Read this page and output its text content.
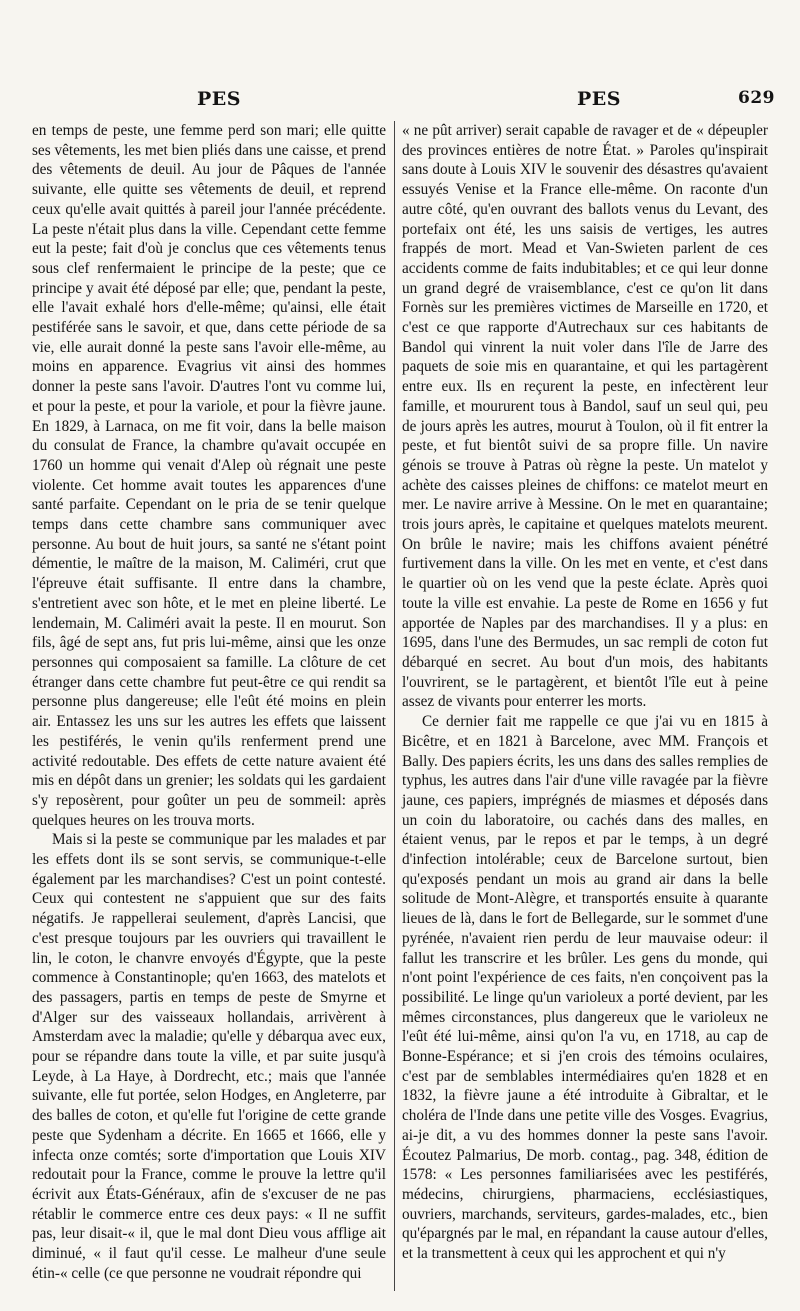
PES	PES	629

en temps de peste, une femme perd son mari; elle quitte ses vêtements, les met bien pliés dans une caisse, et prend des vêtements de deuil. Au jour de Pâques de l'année suivante, elle quitte ses vêtements de deuil, et reprend ceux qu'elle avait quittés à pareil jour l'année précédente. La peste n'était plus dans la ville. Cependant cette femme eut la peste; fait d'où je conclus que ces vêtements tenus sous clef renfermaient le principe de la peste; que ce principe y avait été déposé par elle; que, pendant la peste, elle l'avait exhalé hors d'elle-même; qu'ainsi, elle était pestiférée sans le savoir, et que, dans cette période de sa vie, elle aurait donné la peste sans l'avoir elle-même, au moins en apparence. Evagrius vit ainsi des hommes donner la peste sans l'avoir. D'autres l'ont vu comme lui, et pour la peste, et pour la variole, et pour la fièvre jaune. En 1829, à Larnaca, on me fit voir, dans la belle maison du consulat de France, la chambre qu'avait occupée en 1760 un homme qui venait d'Alep où régnait une peste violente. Cet homme avait toutes les apparences d'une santé parfaite. Cependant on le pria de se tenir quelque temps dans cette chambre sans communiquer avec personne. Au bout de huit jours, sa santé ne s'étant point démentie, le maître de la maison, M. Caliméri, crut que l'épreuve était suffisante. Il entre dans la chambre, s'entretient avec son hôte, et le met en pleine liberté. Le lendemain, M. Caliméri avait la peste. Il en mourut. Son fils, âgé de sept ans, fut pris lui-même, ainsi que les onze personnes qui composaient sa famille. La clôture de cet étranger dans cette chambre fut peut-être ce qui rendit sa personne plus dangereuse; elle l'eût été moins en plein air. Entassez les uns sur les autres les effets que laissent les pestiférés, le venin qu'ils renferment prend une activité redoutable. Des effets de cette nature avaient été mis en dépôt dans un grenier; les soldats qui les gardaient s'y reposèrent, pour goûter un peu de sommeil: après quelques heures on les trouva morts.

Mais si la peste se communique par les malades et par les effets dont ils se sont servis, se communique-t-elle également par les marchandises? C'est un point contesté. Ceux qui contestent ne s'appuient que sur des faits négatifs. Je rappellerai seulement, d'après Lancisi, que c'est presque toujours par les ouvriers qui travaillent le lin, le coton, le chanvre envoyés d'Égypte, que la peste commence à Constantinople; qu'en 1663, des matelots et des passagers, partis en temps de peste de Smyrne et d'Alger sur des vaisseaux hollandais, arrivèrent à Amsterdam avec la maladie; qu'elle y débarqua avec eux, pour se répandre dans toute la ville, et par suite jusqu'à Leyde, à La Haye, à Dordrecht, etc.; mais que l'année suivante, elle fut portée, selon Hodges, en Angleterre, par des balles de coton, et qu'elle fut l'origine de cette grande peste que Sydenham a décrite. En 1665 et 1666, elle y infecta onze comtés; sorte d'importation que Louis XIV redoutait pour la France, comme le prouve la lettre qu'il écrivit aux États-Généraux, afin de s'excuser de ne pas rétablir le commerce entre ces deux pays: « Il ne suffit pas, leur disait-« il, que le mal dont Dieu vous afflige ait diminué, « il faut qu'il cesse. Le malheur d'une seule étin-« celle (ce que personne ne voudrait répondre qui

« ne pût arriver) serait capable de ravager et de « dépeupler des provinces entières de notre État. » Paroles qu'inspirait sans doute à Louis XIV le souvenir des désastres qu'avaient essuyés Venise et la France elle-même. On raconte d'un autre côté, qu'en ouvrant des ballots venus du Levant, des portefaix ont été, les uns saisis de vertiges, les autres frappés de mort. Mead et Van-Swieten parlent de ces accidents comme de faits indubitables; et ce qui leur donne un grand degré de vraisemblance, c'est ce qu'on lit dans Fornès sur les premières victimes de Marseille en 1720, et c'est ce que rapporte d'Autrechaux sur ces habitants de Bandol qui vinrent la nuit voler dans l'île de Jarre des paquets de soie mis en quarantaine, et qui les partagèrent entre eux. Ils en reçurent la peste, en infectèrent leur famille, et moururent tous à Bandol, sauf un seul qui, peu de jours après les autres, mourut à Toulon, où il fit entrer la peste, et fut bientôt suivi de sa propre fille. Un navire génois se trouve à Patras où règne la peste. Un matelot y achète des caisses pleines de chiffons: ce matelot meurt en mer. Le navire arrive à Messine. On le met en quarantaine; trois jours après, le capitaine et quelques matelots meurent. On brûle le navire; mais les chiffons avaient pénétré furtivement dans la ville. On les met en vente, et c'est dans le quartier où on les vend que la peste éclate. Après quoi toute la ville est envahie. La peste de Rome en 1656 y fut apportée de Naples par des marchandises. Il y a plus: en 1695, dans l'une des Bermudes, un sac rempli de coton fut débarqué en secret. Au bout d'un mois, des habitants l'ouvrirent, se le partagèrent, et bientôt l'île eut à peine assez de vivants pour enterrer les morts.

Ce dernier fait me rappelle ce que j'ai vu en 1815 à Bicêtre, et en 1821 à Barcelone, avec MM. François et Bally. Des papiers écrits, les uns dans des salles remplies de typhus, les autres dans l'air d'une ville ravagée par la fièvre jaune, ces papiers, imprégnés de miasmes et déposés dans un coin du laboratoire, ou cachés dans des malles, en étaient venus, par le repos et par le temps, à un degré d'infection intolérable; ceux de Barcelone surtout, bien qu'exposés pendant un mois au grand air dans la belle solitude de Mont-Alègre, et transportés ensuite à quarante lieues de là, dans le fort de Bellegarde, sur le sommet d'une pyrénée, n'avaient rien perdu de leur mauvaise odeur: il fallut les transcrire et les brûler. Les gens du monde, qui n'ont point l'expérience de ces faits, n'en conçoivent pas la possibilité. Le linge qu'un varioleux a porté devient, par les mêmes circonstances, plus dangereux que le varioleux ne l'eût été lui-même, ainsi qu'on l'a vu, en 1718, au cap de Bonne-Espérance; et si j'en crois des témoins oculaires, c'est par de semblables intermédiaires qu'en 1828 et en 1832, la fièvre jaune a été introduite à Gibraltar, et le choléra de l'Inde dans une petite ville des Vosges. Evagrius, ai-je dit, a vu des hommes donner la peste sans l'avoir. Écoutez Palmarius, De morb. contag., pag. 348, édition de 1578: « Les personnes familiarisées avec les pestiférés, médecins, chirurgiens, pharmaciens, ecclésiastiques, ouvriers, marchands, serviteurs, gardes-malades, etc., bien qu'épargnés par le mal, en répandant la cause autour d'elles, et la transmettent à ceux qui les approchent et qui n'y
